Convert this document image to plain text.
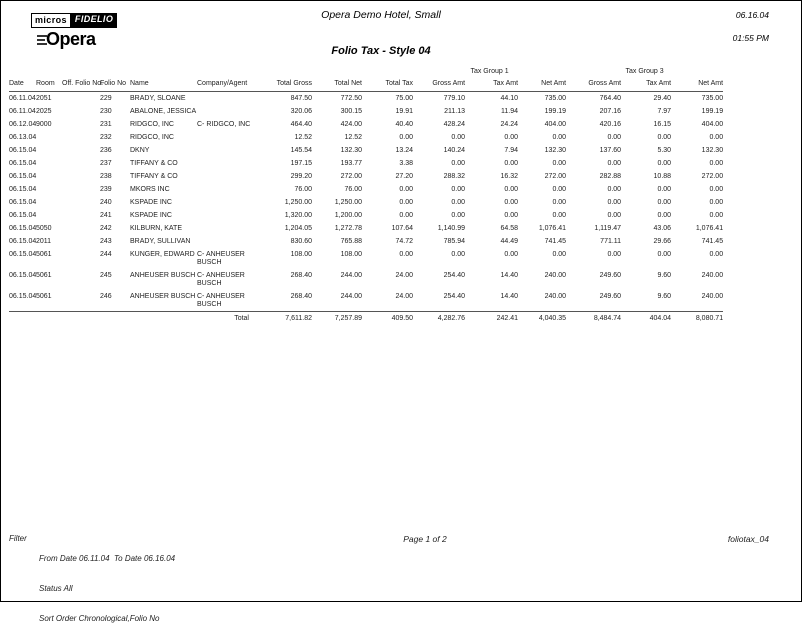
micros FIDELIO
Opera
Opera Demo Hotel, Small	06.16.04
01:55 PM
Folio Tax - Style 04
									Tax Group 1			Tax Group 3		
Date	Room	Off. Folio No.	Folio No	Name	Company/Agent	Total Gross	Total Net	Total Tax	Gross Amt	Tax Amt	Net Amt	Gross Amt	Tax Amt	Net Amt
06.11.04	2051		229	BRADY, SLOANE		847.50	772.50	75.00	779.10	44.10	735.00	764.40	29.40	735.00
06.11.04	2025		230	ABALONE, JESSICA		320.06	300.15	19.91	211.13	11.94	199.19	207.16	7.97	199.19
06.12.04	9000		231	RIDGCO, INC	C- RIDGCO, INC	464.40	424.00	40.40	428.24	24.24	404.00	420.16	16.15	404.00
06.13.04			232	RIDGCO, INC		12.52	12.52	0.00	0.00	0.00	0.00	0.00	0.00	0.00
06.15.04			236	DKNY		145.54	132.30	13.24	140.24	7.94	132.30	137.60	5.30	132.30
06.15.04			237	TIFFANY & CO		197.15	193.77	3.38	0.00	0.00	0.00	0.00	0.00	0.00
06.15.04			238	TIFFANY & CO		299.20	272.00	27.20	288.32	16.32	272.00	282.88	10.88	272.00
06.15.04			239	MKORS INC		76.00	76.00	0.00	0.00	0.00	0.00	0.00	0.00	0.00
06.15.04			240	KSPADE INC		1,250.00	1,250.00	0.00	0.00	0.00	0.00	0.00	0.00	0.00
06.15.04			241	KSPADE INC		1,320.00	1,200.00	0.00	0.00	0.00	0.00	0.00	0.00	0.00
06.15.04	5050		242	KILBURN, KATE		1,204.05	1,272.78	107.64	1,140.99	64.58	1,076.41	1,119.47	43.06	1,076.41
06.15.04	2011		243	BRADY, SULLIVAN		830.60	765.88	74.72	785.94	44.49	741.45	771.11	29.66	741.45
06.15.04	5061		244	KUNGER, EDWARD	C- ANHEUSER BUSCH	108.00	108.00	0.00	0.00	0.00	0.00	0.00	0.00	0.00
06.15.04	5061		245	ANHEUSER BUSCH	C- ANHEUSER BUSCH	268.40	244.00	24.00	254.40	14.40	240.00	249.60	9.60	240.00
06.15.04	5061		246	ANHEUSER BUSCH	C- ANHEUSER BUSCH	268.40	244.00	24.00	254.40	14.40	240.00	249.60	9.60	240.00
Total						7,611.82	7,257.89	409.50	4,282.76	242.41	4,040.35	8,484.74	404.04	8,080.71
Filter

From Date 06.11.04  To Date 06.16.04

Status All

Sort Order Chronological,Folio No

Page 1 of 2	foliotax_04
